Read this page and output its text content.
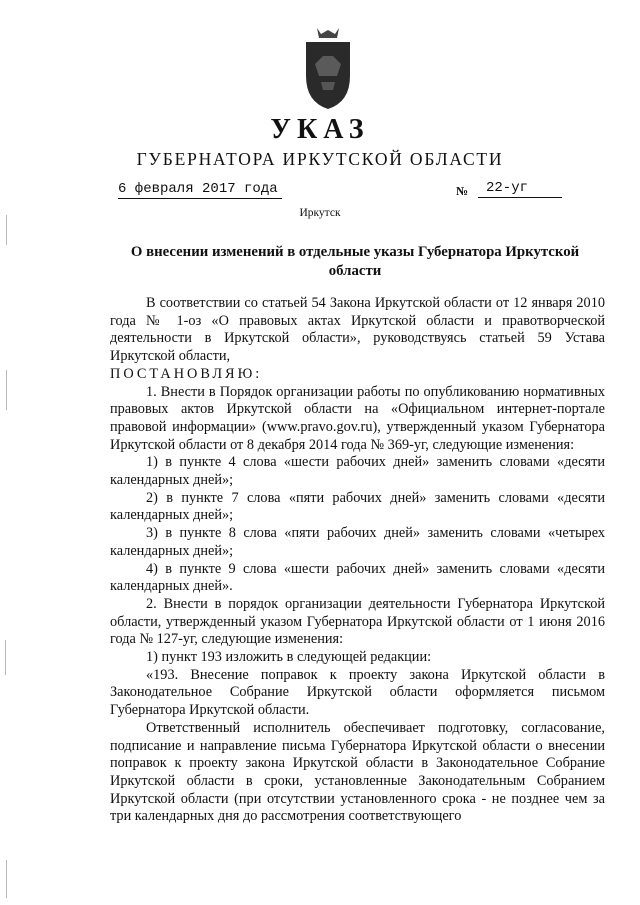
УКАЗ
ГУБЕРНАТОРА ИРКУТСКОЙ ОБЛАСТИ
6 февраля 2017 года	№	22-уг
Иркутск
О внесении изменений в отдельные указы Губернатора Иркутской области

В соответствии со статьей 54 Закона Иркутской области от 12 января 2010 года № 1-оз «О правовых актах Иркутской области и правотворческой деятельности в Иркутской области», руководствуясь статьей 59 Устава Иркутской области,

ПОСТАНОВЛЯЮ:

1. Внести в Порядок организации работы по опубликованию нормативных правовых актов Иркутской области на «Официальном интернет-портале правовой информации» (www.pravo.gov.ru), утвержденный указом Губернатора Иркутской области от 8 декабря 2014 года № 369-уг, следующие изменения:

1) в пункте 4 слова «шести рабочих дней» заменить словами «десяти календарных дней»;

2) в пункте 7 слова «пяти рабочих дней» заменить словами «десяти календарных дней»;

3) в пункте 8 слова «пяти рабочих дней» заменить словами «четырех календарных дней»;

4) в пункте 9 слова «шести рабочих дней» заменить словами «десяти календарных дней».

2. Внести в порядок организации деятельности Губернатора Иркутской области, утвержденный указом Губернатора Иркутской области от 1 июня 2016 года № 127-уг, следующие изменения:

1) пункт 193 изложить в следующей редакции:

«193. Внесение поправок к проекту закона Иркутской области в Законодательное Собрание Иркутской области оформляется письмом Губернатора Иркутской области.

Ответственный исполнитель обеспечивает подготовку, согласование, подписание и направление письма Губернатора Иркутской области о внесении поправок к проекту закона Иркутской области в Законодательное Собрание Иркутской области в сроки, установленные Законодательным Собранием Иркутской области (при отсутствии установленного срока - не позднее чем за три календарных дня до рассмотрения соответствующего
